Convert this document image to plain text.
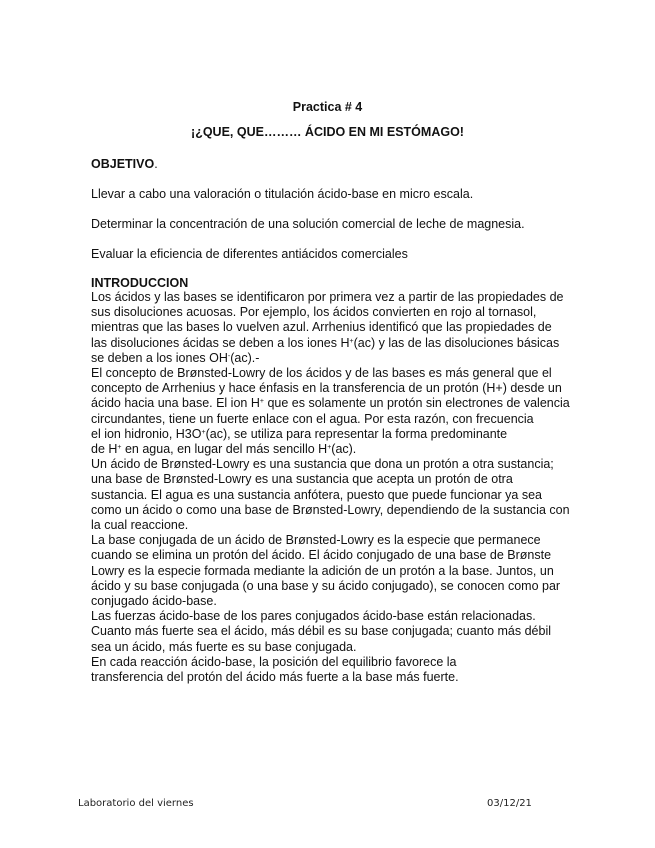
Practica # 4
¡¿QUE, QUE……… ÁCIDO EN MI ESTÓMAGO!
OBJETIVO.
Llevar a cabo una valoración o titulación ácido-base en micro escala.
Determinar la concentración de una solución comercial de leche de magnesia.
Evaluar la eficiencia de diferentes antiácidos comerciales
INTRODUCCION
Los ácidos y las bases se identificaron por primera vez a partir de las propiedades de
sus disoluciones acuosas. Por ejemplo, los ácidos convierten en rojo al tornasol,
mientras que las bases lo vuelven azul. Arrhenius identificó que las propiedades de
las disoluciones ácidas se deben a los iones H+(ac) y las de las disoluciones básicas
se deben a los iones OH-(ac).-
El concepto de Brønsted-Lowry de los ácidos y de las bases es más general que el
concepto de Arrhenius y hace énfasis en la transferencia de un protón (H+) desde un
ácido hacia una base. El ion H+ que es solamente un protón sin electrones de valencia
circundantes, tiene un fuerte enlace con el agua. Por esta razón, con frecuencia
el ion hidronio, H3O+(ac), se utiliza para representar la forma predominante
de H+ en agua, en lugar del más sencillo H+(ac).
Un ácido de Brønsted-Lowry es una sustancia que dona un protón a otra sustancia;
una base de Brønsted-Lowry es una sustancia que acepta un protón de otra
sustancia. El agua es una sustancia anfótera, puesto que puede funcionar ya sea
como un ácido o como una base de Brønsted-Lowry, dependiendo de la sustancia con
la cual reaccione.
La base conjugada de un ácido de Brønsted-Lowry es la especie que permanece
cuando se elimina un protón del ácido. El ácido conjugado de una base de Brønste
Lowry es la especie formada mediante la adición de un protón a la base. Juntos, un
ácido y su base conjugada (o una base y su ácido conjugado), se conocen como par
conjugado ácido-base.
Las fuerzas ácido-base de los pares conjugados ácido-base están relacionadas.
Cuanto más fuerte sea el ácido, más débil es su base conjugada; cuanto más débil
sea un ácido, más fuerte es su base conjugada.
En cada reacción ácido-base, la posición del equilibrio favorece la
transferencia del protón del ácido más fuerte a la base más fuerte.
Laboratorio del viernes	03/12/21
